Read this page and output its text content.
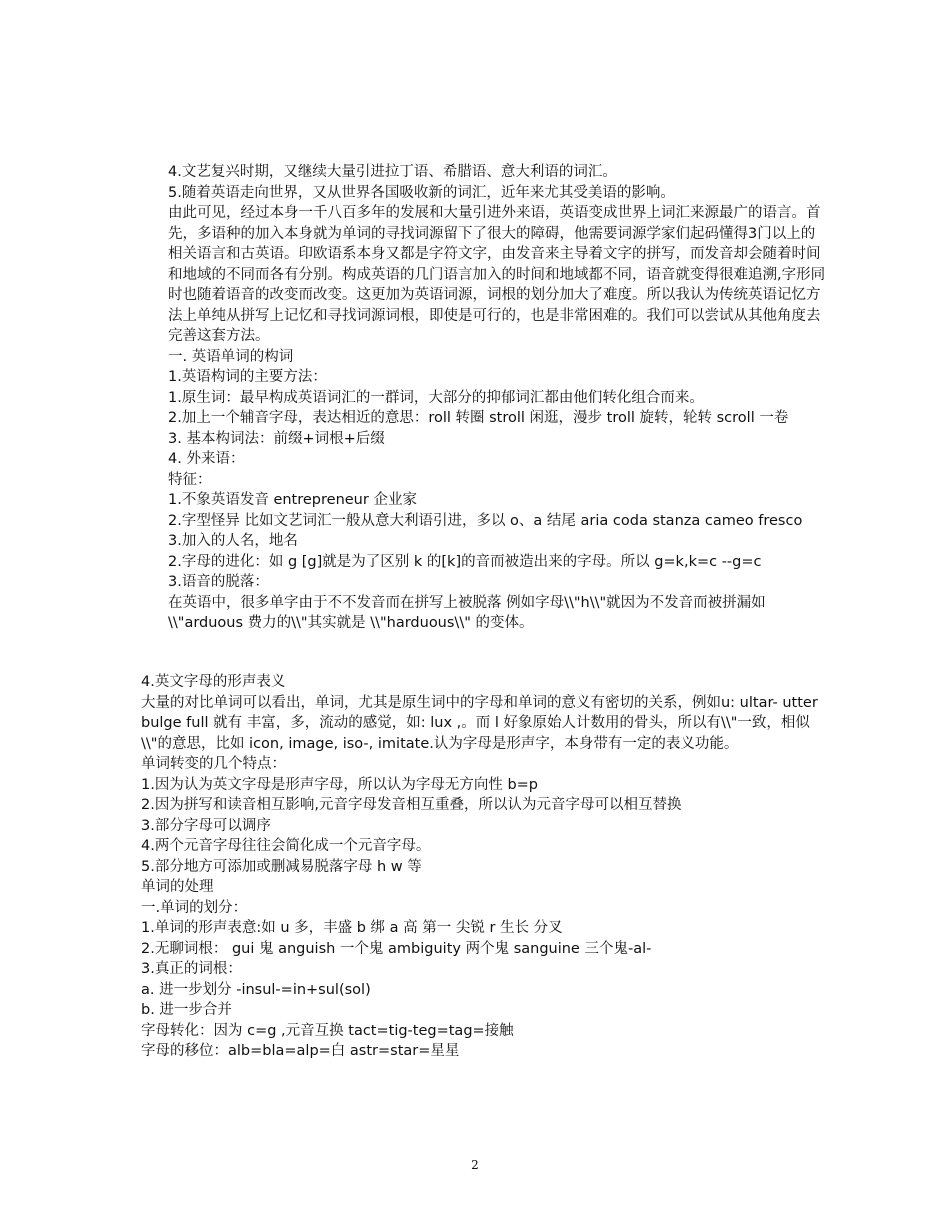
4.文艺复兴时期，又继续大量引进拉丁语、希腊语、意大利语的词汇。

5.随着英语走向世界，又从世界各国吸收新的词汇，近年来尤其受美语的影响。

由此可见，经过本身一千八百多年的发展和大量引进外来语，英语变成世界上词汇来源最广的语言。首先，多语种的加入本身就为单词的寻找词源留下了很大的障碍，他需要词源学家们起码懂得3门以上的相关语言和古英语。印欧语系本身又都是字符文字，由发音来主导着文字的拼写，而发音却会随着时间和地域的不同而各有分别。构成英语的几门语言加入的时间和地域都不同，语音就变得很难追溯,字形同时也随着语音的改变而改变。这更加为英语词源，词根的划分加大了难度。所以我认为传统英语记忆方法上单纯从拼写上记忆和寻找词源词根，即使是可行的，也是非常困难的。我们可以尝试从其他角度去完善这套方法。

一. 英语单词的构词

1.英语构词的主要方法：

1.原生词：最早构成英语词汇的一群词，大部分的抑郁词汇都由他们转化组合而来。

2.加上一个辅音字母，表达相近的意思：roll 转圈 stroll 闲逛，漫步 troll 旋转，轮转 scroll 一卷

3. 基本构词法：前缀+词根+后缀

4. 外来语：

特征：

1.不象英语发音 entrepreneur 企业家

2.字型怪异 比如文艺词汇一般从意大利语引进，多以 o、a 结尾 aria coda stanza cameo fresco

3.加入的人名，地名

2.字母的进化：如 g [g]就是为了区别 k 的[k]的音而被造出来的字母。所以 g=k,k=c --g=c

3.语音的脱落：

在英语中，很多单字由于不不发音而在拼写上被脱落 例如字母\\"h\\"就因为不发音而被拼漏如 \\"arduous 费力的\\"其实就是 \\"harduous\\" 的变体。

4.英文字母的形声表义

大量的对比单词可以看出，单词，尤其是原生词中的字母和单词的意义有密切的关系，例如u: ultar- utter bulge full 就有 丰富，多，流动的感觉，如: lux ,。而 l 好象原始人计数用的骨头，所以有\\"一致，相似\\"的意思，比如 icon, image, iso-, imitate.认为字母是形声字，本身带有一定的表义功能。

单词转变的几个特点：

1.因为认为英文字母是形声字母，所以认为字母无方向性 b=p

2.因为拼写和读音相互影响,元音字母发音相互重叠，所以认为元音字母可以相互替换

3.部分字母可以调序

4.两个元音字母往往会简化成一个元音字母。

5.部分地方可添加或删减易脱落字母 h w 等

单词的处理

一.单词的划分：

1.单词的形声表意:如 u 多，丰盛 b 绑 a 高 第一 尖锐 r 生长 分叉

2.无聊词根： gui 鬼 anguish 一个鬼 ambiguity 两个鬼 sanguine 三个鬼-al-

3.真正的词根：

a. 进一步划分 -insul-=in+sul(sol)

b. 进一步合并

字母转化：因为 c=g ,元音互换 tact=tig-teg=tag=接触

字母的移位：alb=bla=alp=白 astr=star=星星

2
